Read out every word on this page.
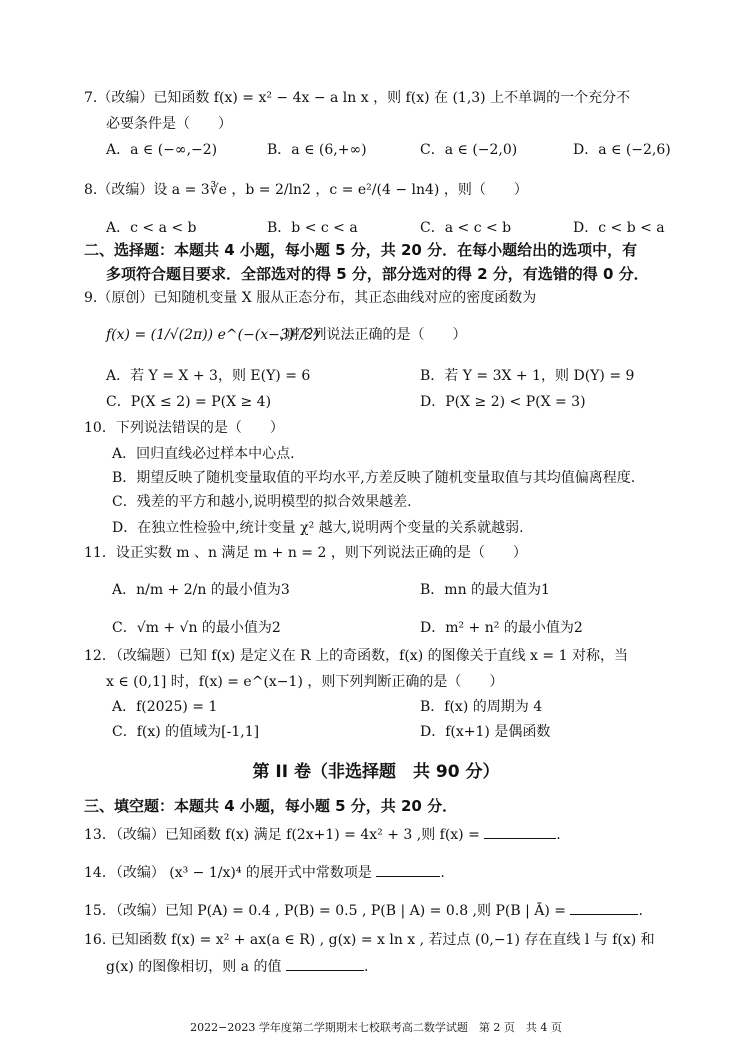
7.（改编）已知函数 f(x) = x² − 4x − a ln x ，则 f(x) 在 (1,3) 上不单调的一个充分不
必要条件是（　　）
A．a ∈ (−∞,−2)	B．a ∈ (6,+∞)	C．a ∈ (−2,0)	D．a ∈ (−2,6)
8.（改编）设 a = 3∛e ，b = 2/ln2 ，c = e²/(4 − ln4) ，则（　　）
A．c < a < b	B．b < c < a	C．a < c < b	D．c < b < a
二、选择题：本题共 4 小题，每小题 5 分，共 20 分．在每小题给出的选项中，有
多项符合题目要求．全部选对的得 5 分，部分选对的得 2 分，有选错的得 0 分．
9.（原创）已知随机变量 X 服从正态分布，其正态曲线对应的密度函数为
f(x) = (1/√(2π)) e^(−(x−3)²/2)
,则下列说法正确的是（　　）
A．若 Y = X + 3，则 E(Y) = 6	B．若 Y = 3X + 1，则 D(Y) = 9
C．P(X ≤ 2) = P(X ≥ 4)	D．P(X ≥ 2) < P(X = 3)
10．下列说法错误的是（　　）
A．回归直线必过样本中心点.
B．期望反映了随机变量取值的平均水平,方差反映了随机变量取值与其均值偏离程度.
C．残差的平方和越小,说明模型的拟合效果越差.
D．在独立性检验中,统计变量 χ² 越大,说明两个变量的关系就越弱.
11．设正实数 m 、n 满足 m + n = 2 ，则下列说法正确的是（　　）
A．n/m + 2/n 的最小值为3	B．mn 的最大值为1
C．√m + √n 的最小值为2	D．m² + n² 的最小值为2
12．（改编题）已知 f(x) 是定义在 R 上的奇函数，f(x) 的图像关于直线 x = 1 对称，当
x ∈ (0,1] 时，f(x) = e^(x−1) ，则下列判断正确的是（　　）
A．f(2025) = 1	B．f(x) 的周期为 4
C．f(x) 的值域为[-1,1]	D．f(x+1) 是偶函数
第 II 卷（非选择题　共 90 分）
三、填空题：本题共 4 小题，每小题 5 分，共 20 分．
13．（改编）已知函数 f(x) 满足 f(2x+1) = 4x² + 3 ,则 f(x) =	.
14．（改编） (x³ − 1/x)⁴ 的展开式中常数项是	.
15．（改编）已知 P(A) = 0.4 , P(B) = 0.5 , P(B | A) = 0.8 ,则 P(B | Ā) =	.
16. 已知函数 f(x) = x² + ax(a ∈ R) , g(x) = x ln x , 若过点 (0,−1) 存在直线 l 与 f(x) 和
g(x) 的图像相切，则 a 的值	.
2022−2023 学年度第二学期期末七校联考高二数学试题　第 2 页　共 4 页
